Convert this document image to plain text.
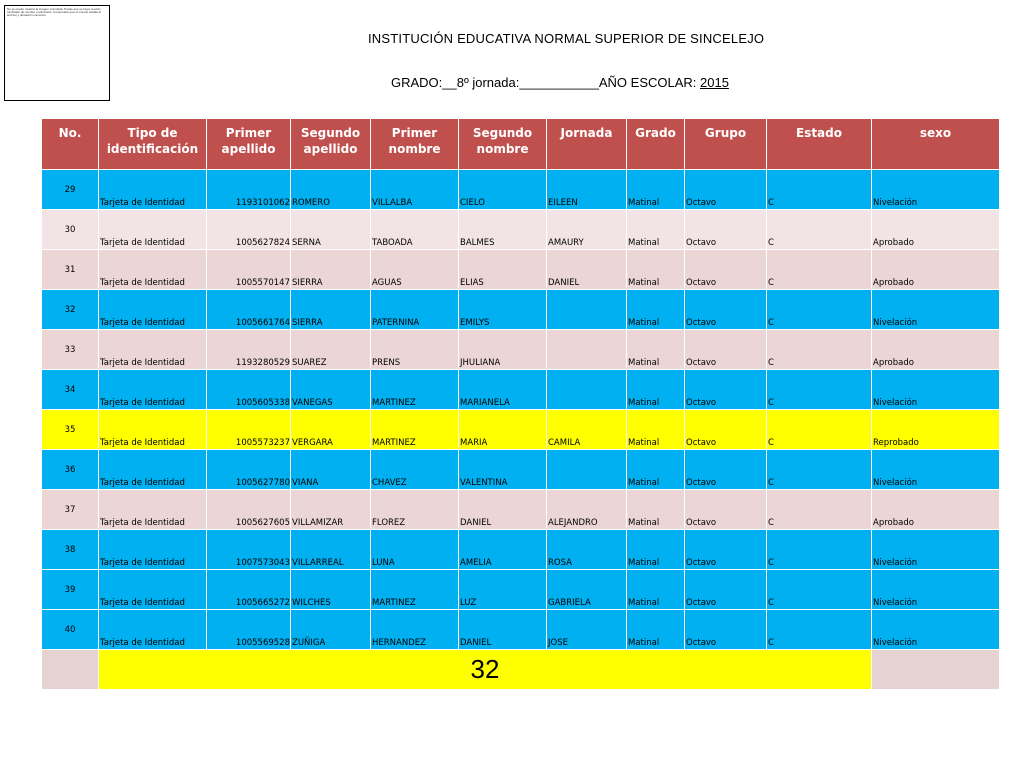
No se puede mostrar la imagen vinculada. Puede que se haya movido, cambiado de nombre o eliminado. Compruebe que el vínculo señala al archivo y ubicación correctos.
INSTITUCIÓN EDUCATIVA NORMAL SUPERIOR DE SINCELEJO
GRADO:__8º jornada:___________AÑO ESCOLAR: 2015
No.	Tipo de identificación	Primer apellido	Segundo apellido	Primer nombre	Segundo nombre	Jornada	Grado	Grupo	Estado	sexo
29	Tarjeta de Identidad	1193101062	ROMERO	VILLALBA	CIELO	EILEEN	Matinal	Octavo	C	Nivelación
30	Tarjeta de Identidad	1005627824	SERNA	TABOADA	BALMES	AMAURY	Matinal	Octavo	C	Aprobado
31	Tarjeta de Identidad	1005570147	SIERRA	AGUAS	ELIAS	DANIEL	Matinal	Octavo	C	Aprobado
32	Tarjeta de Identidad	1005661764	SIERRA	PATERNINA	EMILYS		Matinal	Octavo	C	Nivelación
33	Tarjeta de Identidad	1193280529	SUAREZ	PRENS	JHULIANA		Matinal	Octavo	C	Aprobado
34	Tarjeta de Identidad	1005605338	VANEGAS	MARTINEZ	MARIANELA		Matinal	Octavo	C	Nivelación
35	Tarjeta de Identidad	1005573237	VERGARA	MARTINEZ	MARIA	CAMILA	Matinal	Octavo	C	Reprobado
36	Tarjeta de Identidad	1005627780	VIANA	CHAVEZ	VALENTINA		Matinal	Octavo	C	Nivelación
37	Tarjeta de Identidad	1005627605	VILLAMIZAR	FLOREZ	DANIEL	ALEJANDRO	Matinal	Octavo	C	Aprobado
38	Tarjeta de Identidad	1007573043	VILLARREAL	LUNA	AMELIA	ROSA	Matinal	Octavo	C	Nivelación
39	Tarjeta de Identidad	1005665272	WILCHES	MARTINEZ	LUZ	GABRIELA	Matinal	Octavo	C	Nivelación
40	Tarjeta de Identidad	1005569528	ZUÑIGA	HERNANDEZ	DANIEL	JOSE	Matinal	Octavo	C	Nivelación
	32									
